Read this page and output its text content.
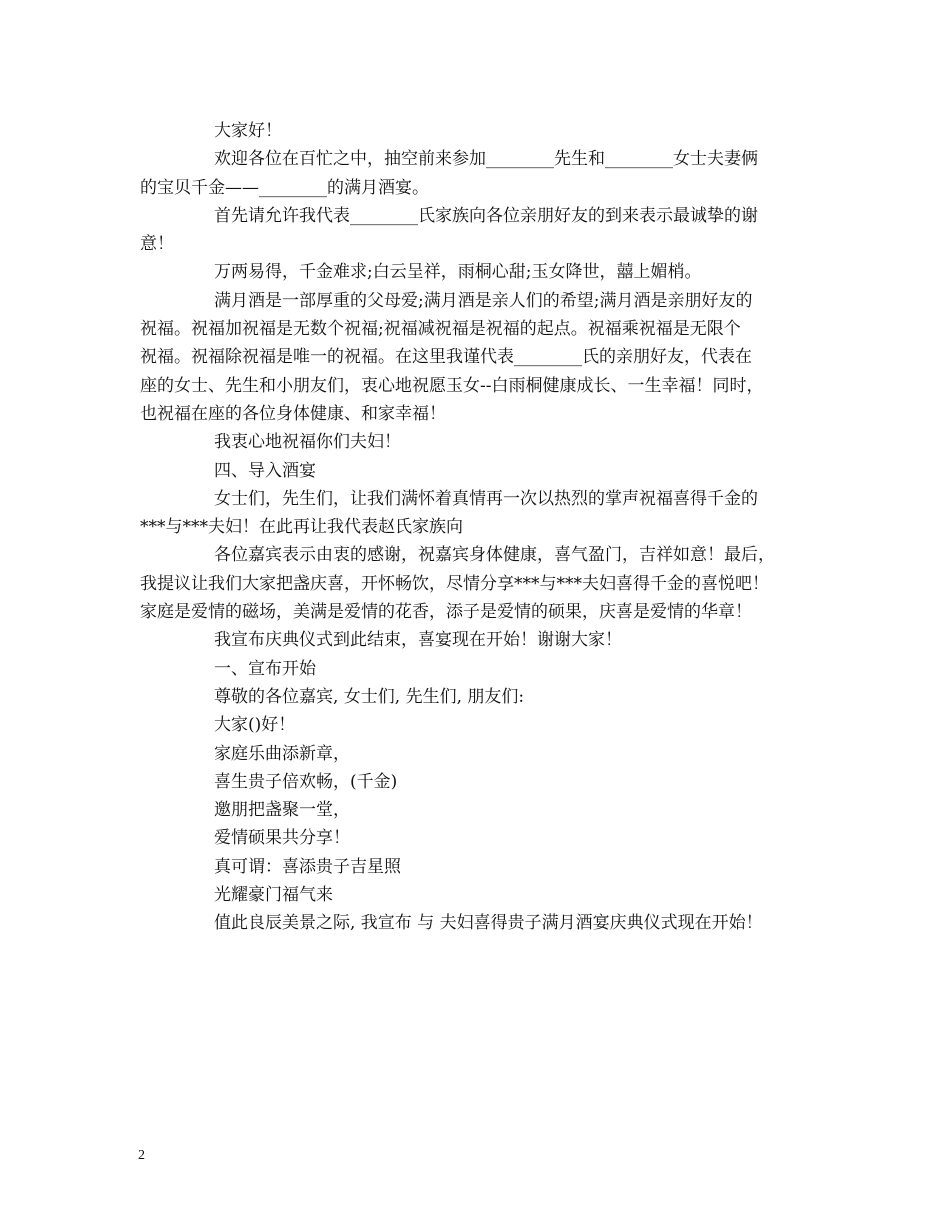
大家好！

欢迎各位在百忙之中，抽空前来参加________先生和________女士夫妻俩

的宝贝千金——________的满月酒宴。

首先请允许我代表________氏家族向各位亲朋好友的到来表示最诚挚的谢

意！

万两易得，千金难求;白云呈祥，雨桐心甜;玉女降世，囍上媚梢。

满月酒是一部厚重的父母爱;满月酒是亲人们的希望;满月酒是亲朋好友的

祝福。祝福加祝福是无数个祝福;祝福减祝福是祝福的起点。祝福乘祝福是无限个

祝福。祝福除祝福是唯一的祝福。在这里我谨代表________氏的亲朋好友，代表在

座的女士、先生和小朋友们，衷心地祝愿玉女--白雨桐健康成长、一生幸福！同时，

也祝福在座的各位身体健康、和家幸福！

我衷心地祝福你们夫妇！

四、导入酒宴

女士们，先生们，让我们满怀着真情再一次以热烈的掌声祝福喜得千金的

***与***夫妇！在此再让我代表赵氏家族向

各位嘉宾表示由衷的感谢，祝嘉宾身体健康，喜气盈门，吉祥如意！最后，

我提议让我们大家把盏庆喜，开怀畅饮，尽情分享***与***夫妇喜得千金的喜悦吧！

家庭是爱情的磁场，美满是爱情的花香，添子是爱情的硕果，庆喜是爱情的华章！

我宣布庆典仪式到此结束，喜宴现在开始！谢谢大家！

一、宣布开始

尊敬的各位嘉宾, 女士们, 先生们, 朋友们:

大家()好！

家庭乐曲添新章，

喜生贵子倍欢畅，(千金)

邀朋把盏聚一堂，

爱情硕果共分享！

真可谓：喜添贵子吉星照

光耀豪门福气来

值此良辰美景之际, 我宣布 与 夫妇喜得贵子满月酒宴庆典仪式现在开始！

2
